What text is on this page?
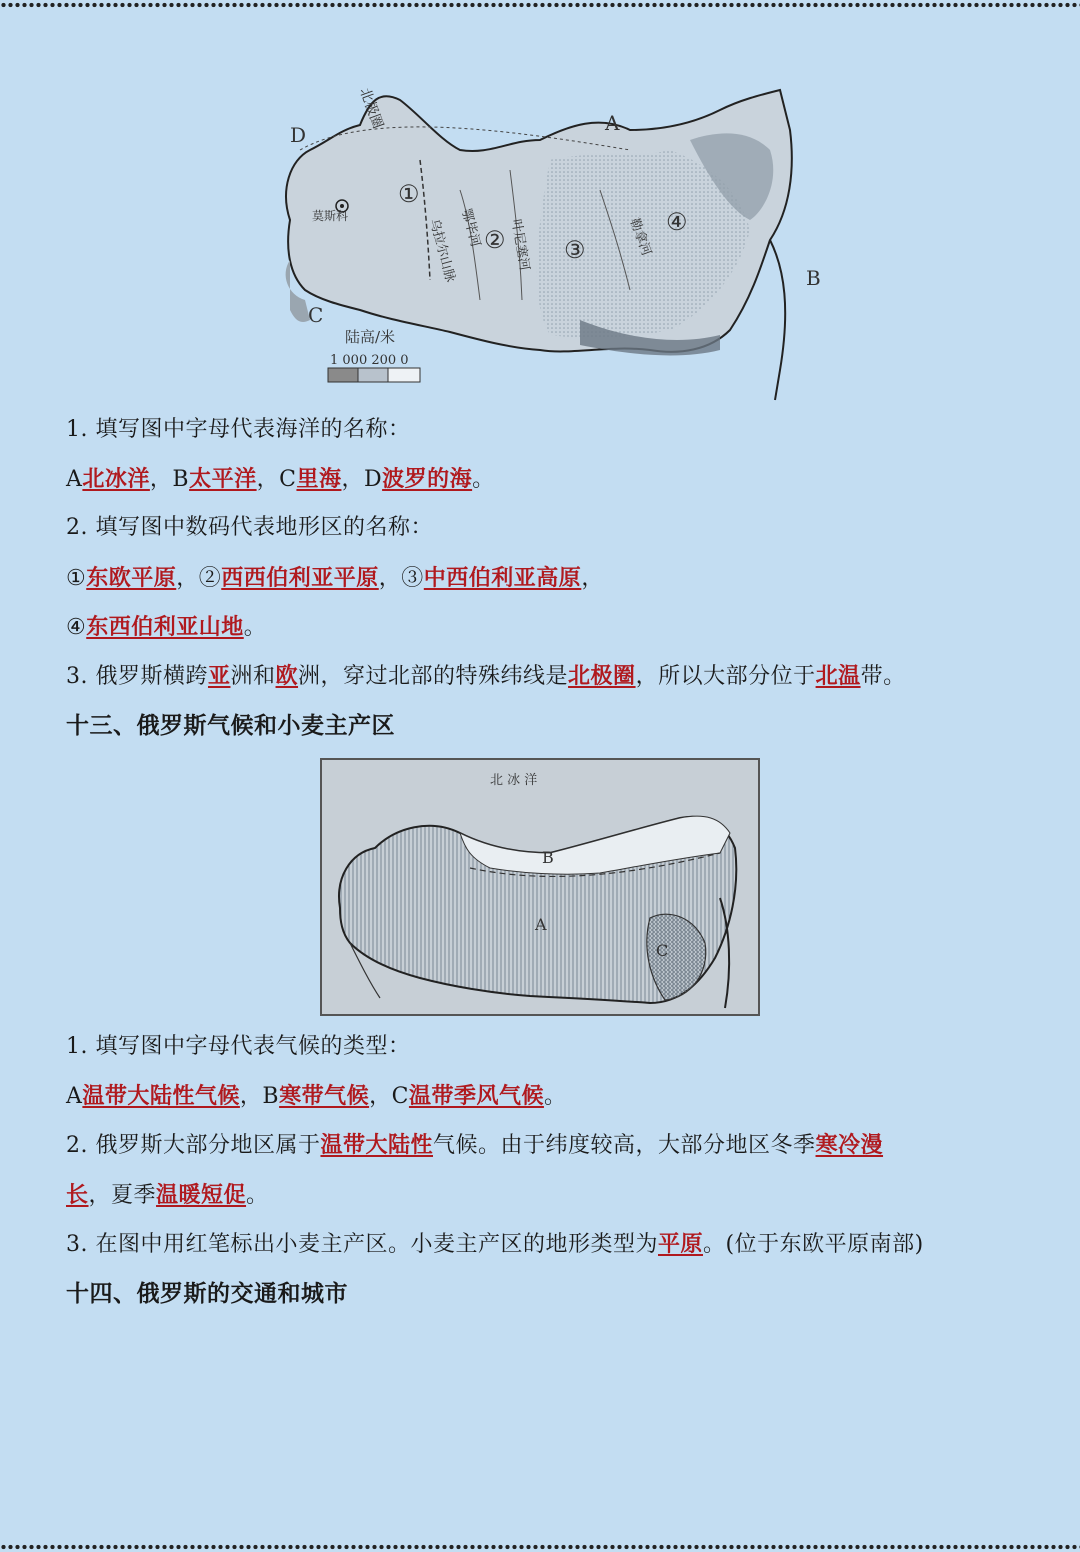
A
B
C
D
①
② ③
④
北极圈
莫斯科
乌拉尔山脉 鄂毕河 叶尼塞河	勒拿河
陆高/米
1 000 200 0
1. 填写图中字母代表海洋的名称：
A北冰洋，B太平洋，C里海，D波罗的海。
2. 填写图中数码代表地形区的名称：
①东欧平原，②西西伯利亚平原，③中西伯利亚高原，
④东西伯利亚山地。
3. 俄罗斯横跨亚洲和欧洲，穿过北部的特殊纬线是北极圈，所以大部分位于北温带。
十三、俄罗斯气候和小麦主产区
北 冰 洋
A
B
C
1. 填写图中字母代表气候的类型：
A温带大陆性气候，B寒带气候，C温带季风气候。
2. 俄罗斯大部分地区属于温带大陆性气候。由于纬度较高，大部分地区冬季寒冷漫
长，夏季温暖短促。
3. 在图中用红笔标出小麦主产区。小麦主产区的地形类型为平原。(位于东欧平原南部)
十四、俄罗斯的交通和城市
